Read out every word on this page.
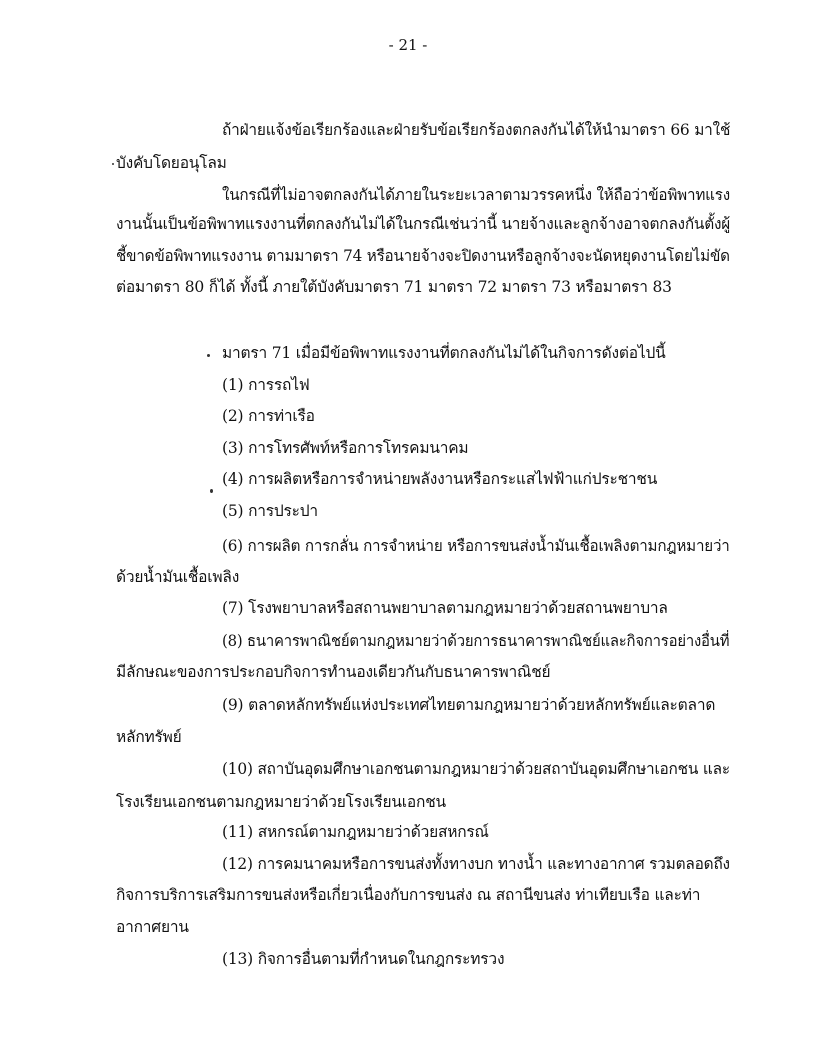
- 21 -
ถ้าฝ่ายแจ้งข้อเรียกร้องและฝ่ายรับข้อเรียกร้องตกลงกันได้ให้นำมาตรา 66 มาใช้
บังคับโดยอนุโลม
ในกรณีที่ไม่อาจตกลงกันได้ภายในระยะเวลาตามวรรคหนึ่ง ให้ถือว่าข้อพิพาทแรง
งานนั้นเป็นข้อพิพาทแรงงานที่ตกลงกันไม่ได้ในกรณีเช่นว่านี้ นายจ้างและลูกจ้างอาจตกลงกันตั้งผู้
ชี้ขาดข้อพิพาทแรงงาน ตามมาตรา 74 หรือนายจ้างจะปิดงานหรือลูกจ้างจะนัดหยุดงานโดยไม่ขัด
ต่อมาตรา 80 ก็ได้ ทั้งนี้ ภายใต้บังคับมาตรา 71 มาตรา 72 มาตรา 73 หรือมาตรา 83
มาตรา 71 เมื่อมีข้อพิพาทแรงงานที่ตกลงกันไม่ได้ในกิจการดังต่อไปนี้
(1) การรถไฟ
(2) การท่าเรือ
(3) การโทรศัพท์หรือการโทรคมนาคม
(4) การผลิตหรือการจำหน่ายพลังงานหรือกระแสไฟฟ้าแก่ประชาชน
(5) การประปา
(6) การผลิต การกลั่น การจำหน่าย หรือการขนส่งน้ำมันเชื้อเพลิงตามกฎหมายว่า
ด้วยน้ำมันเชื้อเพลิง
(7) โรงพยาบาลหรือสถานพยาบาลตามกฎหมายว่าด้วยสถานพยาบาล
(8) ธนาคารพาณิชย์ตามกฎหมายว่าด้วยการธนาคารพาณิชย์และกิจการอย่างอื่นที่
มีลักษณะของการประกอบกิจการทำนองเดียวกันกับธนาคารพาณิชย์
(9) ตลาดหลักทรัพย์แห่งประเทศไทยตามกฎหมายว่าด้วยหลักทรัพย์และตลาด
หลักทรัพย์
(10) สถาบันอุดมศึกษาเอกชนตามกฎหมายว่าด้วยสถาบันอุดมศึกษาเอกชน และ
โรงเรียนเอกชนตามกฎหมายว่าด้วยโรงเรียนเอกชน
(11) สหกรณ์ตามกฎหมายว่าด้วยสหกรณ์
(12) การคมนาคมหรือการขนส่งทั้งทางบก ทางน้ำ และทางอากาศ รวมตลอดถึง
กิจการบริการเสริมการขนส่งหรือเกี่ยวเนื่องกับการขนส่ง ณ สถานีขนส่ง ท่าเทียบเรือ และท่า
อากาศยาน
(13) กิจการอื่นตามที่กำหนดในกฎกระทรวง
